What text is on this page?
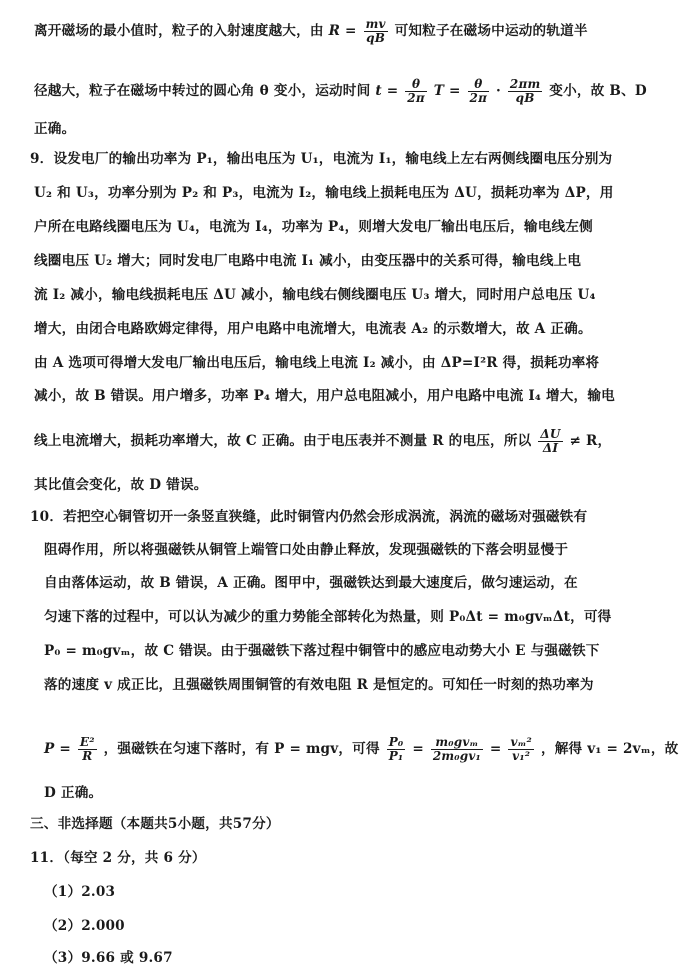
离开磁场的最小值时，粒子的入射速度越大，由 $R = \frac{mv}{qB}$ 可知粒子在磁场中运动的轨道半
径越大，粒子在磁场中转过的圆心角 θ 变小，运动时间 $t = \frac{\theta}{2\pi}$ $T = \frac{\theta}{2\pi} \cdot \frac{2\pi m}{qB}$ 变小，故 B、D
正确。
9．设发电厂的输出功率为 P₁，输出电压为 U₁，电流为 I₁，输电线上左右两侧线圈电压分别为
U₂ 和 U₃，功率分别为 P₂ 和 P₃，电流为 I₂，输电线上损耗电压为 ΔU，损耗功率为 ΔP，用
户所在电路线圈电压为 U₄，电流为 I₄，功率为 P₄，则增大发电厂输出电压后，输电线左侧
线圈电压 U₂ 增大；同时发电厂电路中电流 I₁ 减小，由变压器中的关系可得，输电线上电
流 I₂ 减小，输电线损耗电压 ΔU 减小，输电线右侧线圈电压 U₃ 增大，同时用户总电压 U₄
增大，由闭合电路欧姆定律得，用户电路中电流增大，电流表 A₂ 的示数增大，故 A 正确。
由 A 选项可得增大发电厂输出电压后，输电线上电流 I₂ 减小，由 ΔP=I²R 得，损耗功率将
减小，故 B 错误。用户增多，功率 P₄ 增大，用户总电阻减小，用户电路中电流 I₄ 增大，输电
线上电流增大，损耗功率增大，故 C 正确。由于电压表并不测量 R 的电压，所以 $\frac{\Delta U}{\Delta I} \ne R$，
其比值会变化，故 D 错误。
10．若把空心铜管切开一条竖直狭缝，此时铜管内仍然会形成涡流，涡流的磁场对强磁铁有
阻碍作用，所以将强磁铁从铜管上端管口处由静止释放，发现强磁铁的下落会明显慢于
自由落体运动，故 B 错误，A 正确。图甲中，强磁铁达到最大速度后，做匀速运动，在
匀速下落的过程中，可以认为减少的重力势能全部转化为热量，则 P₀Δt = m₀gvₘΔt，可得
P₀ = m₀gvₘ，故 C 错误。由于强磁铁下落过程中铜管中的感应电动势大小 E 与强磁铁下
落的速度 v 成正比，且强磁铁周围铜管的有效电阻 R 是恒定的。可知任一时刻的热功率为
$P = \frac{\text{E²}}{R}$ ，强磁铁在匀速下落时，有 P = mgv，可得 $\frac{\text{P₀}}{\text{P₁}} = \frac{\text{m₀gvₘ}}{\text{2m₀gv₁}} = \frac{\text{vₘ²}}{\text{v₁²}}$ ，解得 v₁ = 2vₘ，故
D 正确。
三、非选择题（本题共5小题，共57分）
11．（每空 2 分，共 6 分）
（1）2.03
（2）2.000
（3）9.66 或 9.67
